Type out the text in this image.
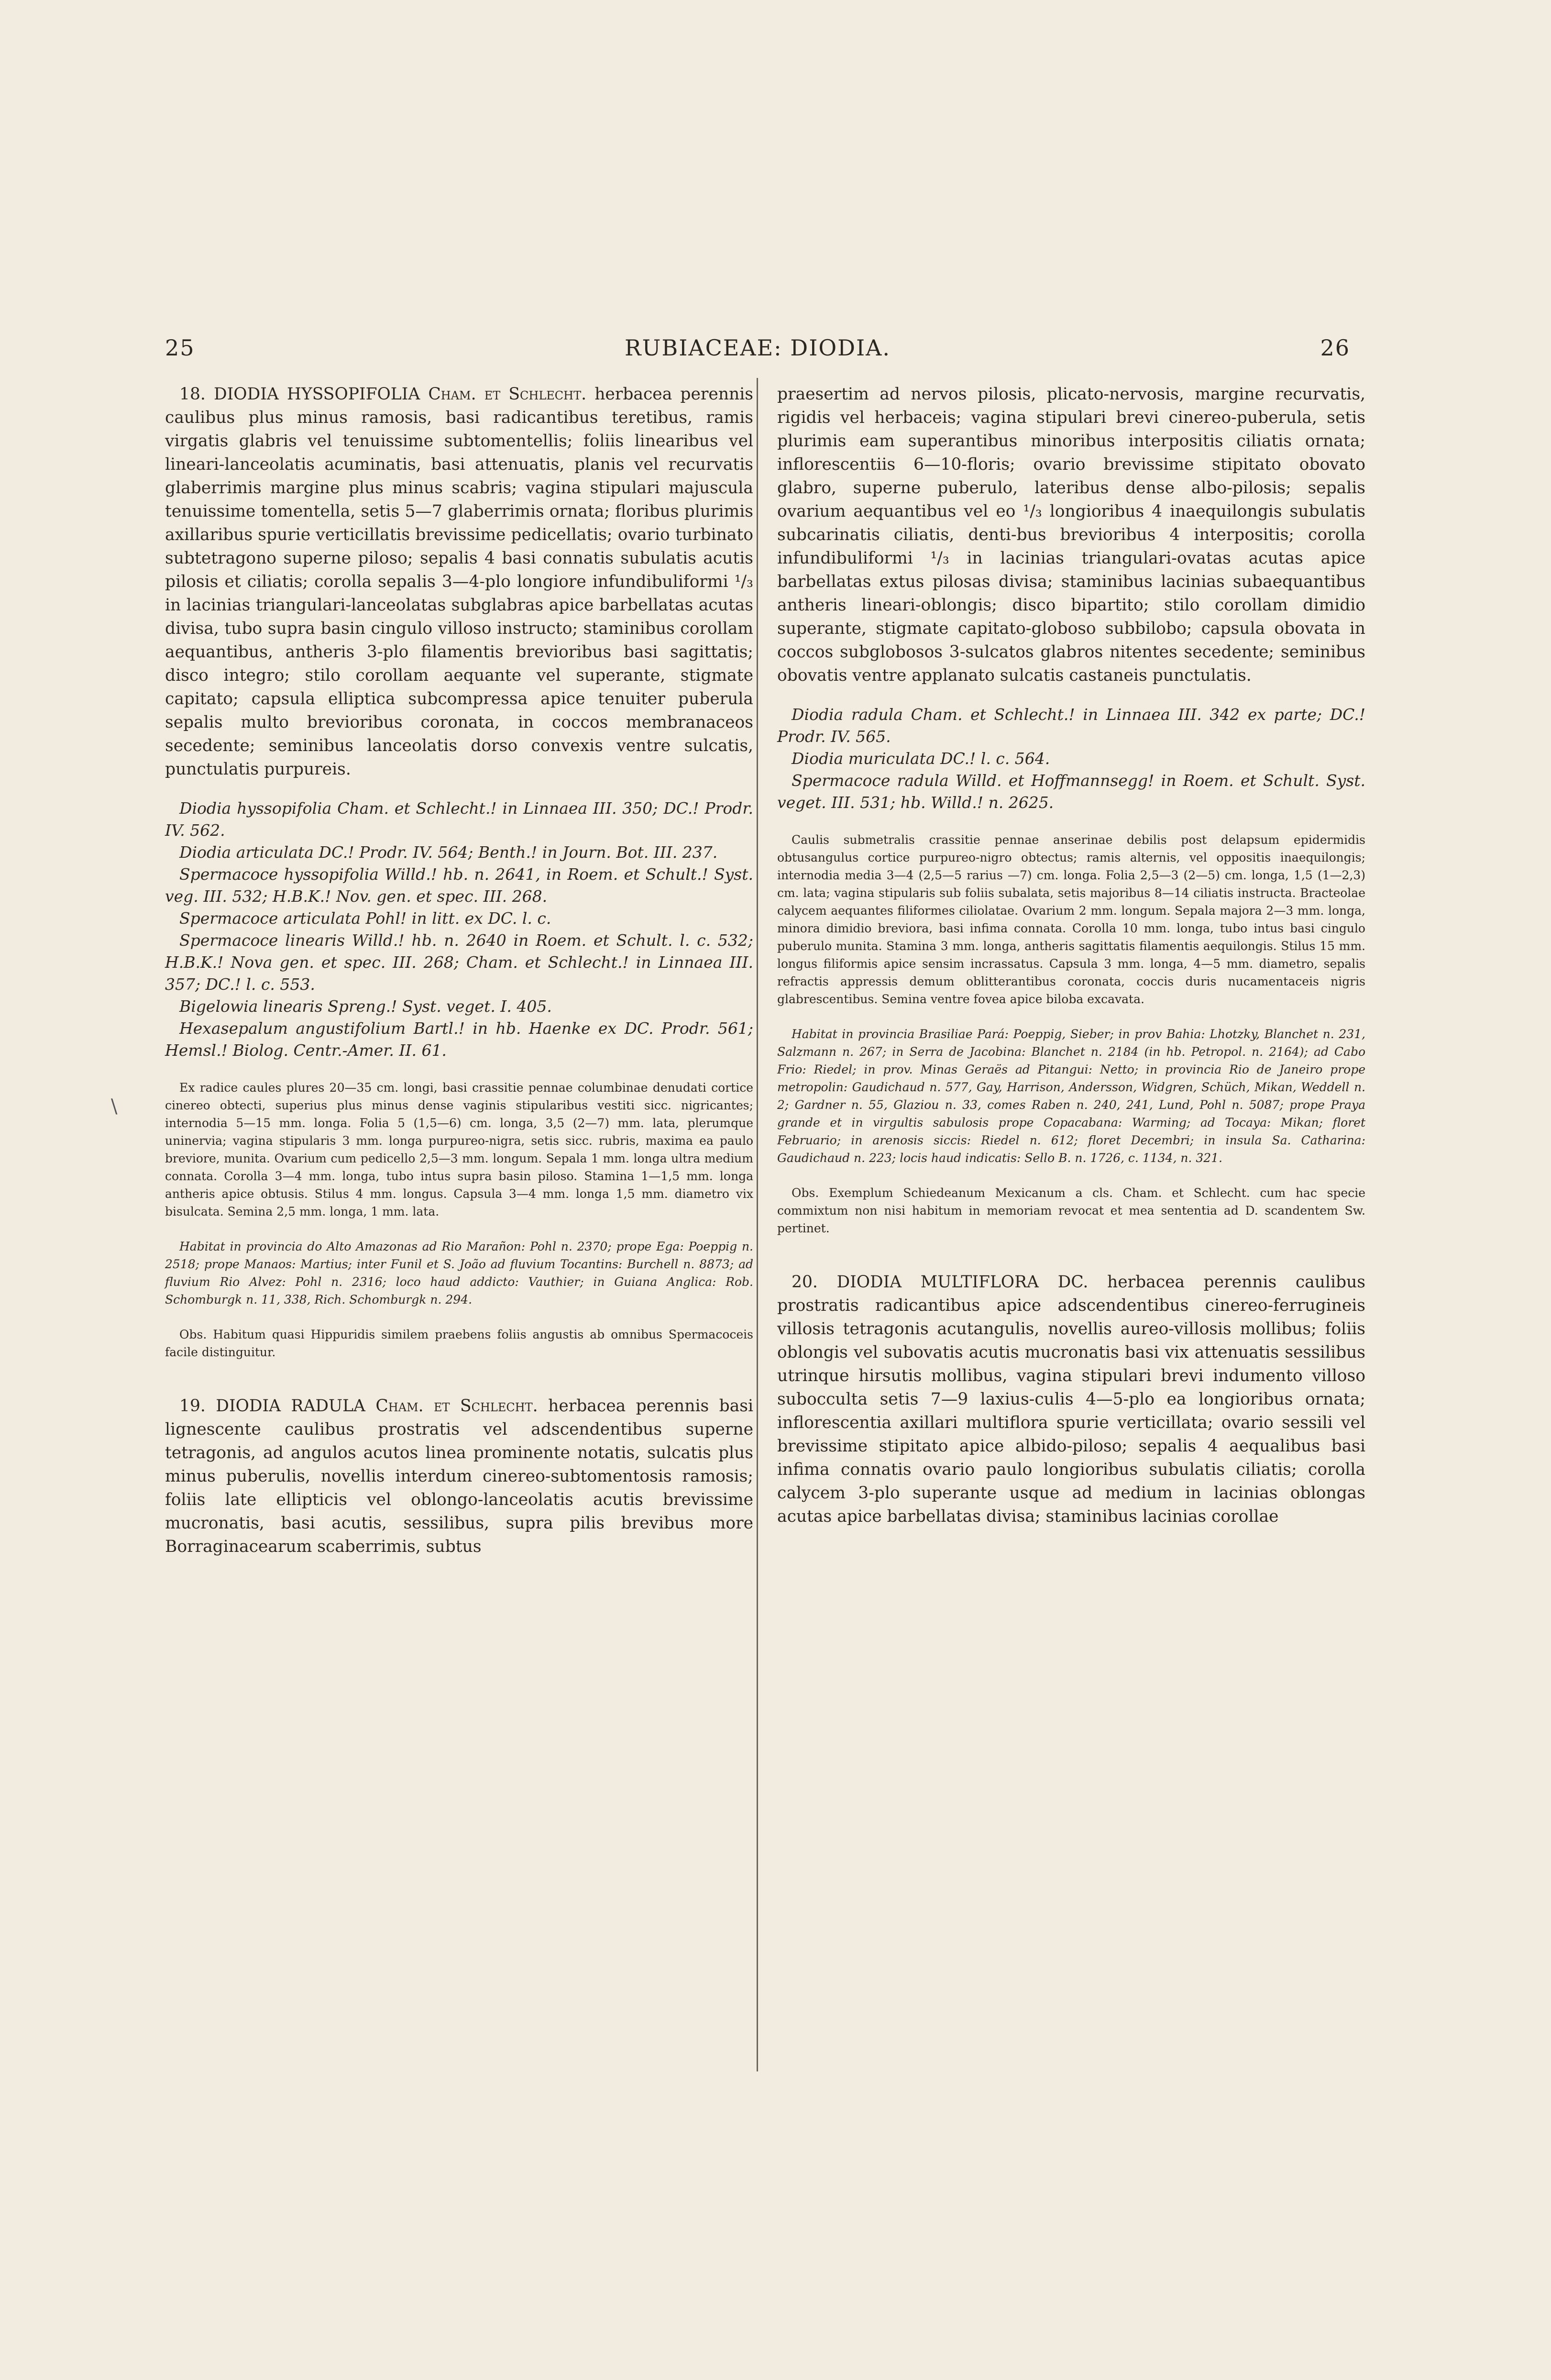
25	RUBIACEAE: DIODIA.	26
\

18. DIODIA HYSSOPIFOLIA Cham. et Schlecht. herbacea perennis caulibus plus minus ramosis, basi radicantibus teretibus, ramis virgatis glabris vel tenuissime subtomentellis; foliis linearibus vel lineari-lanceolatis acuminatis, basi attenuatis, planis vel recurvatis glaberrimis margine plus minus scabris; vagina stipulari majuscula tenuissime tomentella, setis 5—7 glaberrimis ornata; floribus plurimis axillaribus spurie verticillatis brevissime pedicellatis; ovario turbinato subtetragono superne piloso; sepalis 4 basi connatis subulatis acutis pilosis et ciliatis; corolla sepalis 3—4-plo longiore infundibuliformi ¹/₃ in lacinias triangulari-lanceolatas subglabras apice barbellatas acutas divisa, tubo supra basin cingulo villoso instructo; staminibus corollam aequantibus, antheris 3-plo filamentis brevioribus basi sagittatis; disco integro; stilo corollam aequante vel superante, stigmate capitato; capsula elliptica subcompressa apice tenuiter puberula sepalis multo brevioribus coronata, in coccos membranaceos secedente; seminibus lanceolatis dorso convexis ventre sulcatis, punctulatis purpureis.

Diodia hyssopifolia Cham. et Schlecht.! in Linnaea III. 350; DC.! Prodr. IV. 562.

Diodia articulata DC.! Prodr. IV. 564; Benth.! in Journ. Bot. III. 237.

Spermacoce hyssopifolia Willd.! hb. n. 2641, in Roem. et Schult.! Syst. veg. III. 532; H.B.K.! Nov. gen. et spec. III. 268.

Spermacoce articulata Pohl! in litt. ex DC. l. c.

Spermacoce linearis Willd.! hb. n. 2640 in Roem. et Schult. l. c. 532; H.B.K.! Nova gen. et spec. III. 268; Cham. et Schlecht.! in Linnaea III. 357; DC.! l. c. 553.

Bigelowia linearis Spreng.! Syst. veget. I. 405.

Hexasepalum angustifolium Bartl.! in hb. Haenke ex DC. Prodr. 561; Hemsl.! Biolog. Centr.-Amer. II. 61.

Ex radice caules plures 20—35 cm. longi, basi crassitie pennae columbinae denudati cortice cinereo obtecti, superius plus minus dense vaginis stipularibus vestiti sicc. nigricantes; internodia 5—15 mm. longa. Folia 5 (1,5—6) cm. longa, 3,5 (2—7) mm. lata, plerumque uninervia; vagina stipularis 3 mm. longa purpureo-nigra, setis sicc. rubris, maxima ea paulo breviore, munita. Ovarium cum pedicello 2,5—3 mm. longum. Sepala 1 mm. longa ultra medium connata. Corolla 3—4 mm. longa, tubo intus supra basin piloso. Stamina 1—1,5 mm. longa antheris apice obtusis. Stilus 4 mm. longus. Capsula 3—4 mm. longa 1,5 mm. diametro vix bisulcata. Semina 2,5 mm. longa, 1 mm. lata.

Habitat in provincia do Alto Amazonas ad Rio Marañon: Pohl n. 2370; prope Ega: Poeppig n. 2518; prope Manaos: Martius; inter Funil et S. João ad fluvium Tocantins: Burchell n. 8873; ad fluvium Rio Alvez: Pohl n. 2316; loco haud addicto: Vauthier; in Guiana Anglica: Rob. Schomburgk n. 11, 338, Rich. Schomburgk n. 294.

Obs. Habitum quasi Hippuridis similem praebens foliis angustis ab omnibus Spermacoceis facile distinguitur.

19. DIODIA RADULA Cham. et Schlecht. herbacea perennis basi lignescente caulibus prostratis vel adscendentibus superne tetragonis, ad angulos acutos linea prominente notatis, sulcatis plus minus puberulis, novellis interdum cinereo-subtomentosis ramosis; foliis late ellipticis vel oblongo-lanceolatis acutis brevissime mucronatis, basi acutis, sessilibus, supra pilis brevibus more Borraginacearum scaberrimis, subtus

praesertim ad nervos pilosis, plicato-nervosis, margine recurvatis, rigidis vel herbaceis; vagina stipulari brevi cinereo-puberula, setis plurimis eam superantibus minoribus interpositis ciliatis ornata; inflorescentiis 6—10-floris; ovario brevissime stipitato obovato glabro, superne puberulo, lateribus dense albo-pilosis; sepalis ovarium aequantibus vel eo ¹/₃ longioribus 4 inaequilongis subulatis subcarinatis ciliatis, denti-bus brevioribus 4 interpositis; corolla infundibuliformi ¹/₃ in lacinias triangulari-ovatas acutas apice barbellatas extus pilosas divisa; staminibus lacinias subaequantibus antheris lineari-oblongis; disco bipartito; stilo corollam dimidio superante, stigmate capitato-globoso subbilobo; capsula obovata in coccos subglobosos 3-sulcatos glabros nitentes secedente; seminibus obovatis ventre applanato sulcatis castaneis punctulatis.

Diodia radula Cham. et Schlecht.! in Linnaea III. 342 ex parte; DC.! Prodr. IV. 565.

Diodia muriculata DC.! l. c. 564.

Spermacoce radula Willd. et Hoffmannsegg! in Roem. et Schult. Syst. veget. III. 531; hb. Willd.! n. 2625.

Caulis submetralis crassitie pennae anserinae debilis post delapsum epidermidis obtusangulus cortice purpureo-nigro obtectus; ramis alternis, vel oppositis inaequilongis; internodia media 3—4 (2,5—5 rarius —7) cm. longa. Folia 2,5—3 (2—5) cm. longa, 1,5 (1—2,3) cm. lata; vagina stipularis sub foliis subalata, setis majoribus 8—14 ciliatis instructa. Bracteolae calycem aequantes filiformes ciliolatae. Ovarium 2 mm. longum. Sepala majora 2—3 mm. longa, minora dimidio breviora, basi infima connata. Corolla 10 mm. longa, tubo intus basi cingulo puberulo munita. Stamina 3 mm. longa, antheris sagittatis filamentis aequilongis. Stilus 15 mm. longus filiformis apice sensim incrassatus. Capsula 3 mm. longa, 4—5 mm. diametro, sepalis refractis appressis demum oblitterantibus coronata, coccis duris nucamentaceis nigris glabrescentibus. Semina ventre fovea apice biloba excavata.

Habitat in provincia Brasiliae Pará: Poeppig, Sieber; in prov Bahia: Lhotzky, Blanchet n. 231, Salzmann n. 267; in Serra de Jacobina: Blanchet n. 2184 (in hb. Petropol. n. 2164); ad Cabo Frio: Riedel; in prov. Minas Geraës ad Pitangui: Netto; in provincia Rio de Janeiro prope metropolin: Gaudichaud n. 577, Gay, Harrison, Andersson, Widgren, Schüch, Mikan, Weddell n. 2; Gardner n. 55, Glaziou n. 33, comes Raben n. 240, 241, Lund, Pohl n. 5087; prope Praya grande et in virgultis sabulosis prope Copacabana: Warming; ad Tocaya: Mikan; floret Februario; in arenosis siccis: Riedel n. 612; floret Decembri; in insula Sa. Catharina: Gaudichaud n. 223; locis haud indicatis: Sello B. n. 1726, c. 1134, n. 321.

Obs. Exemplum Schiedeanum Mexicanum a cls. Cham. et Schlecht. cum hac specie commixtum non nisi habitum in memoriam revocat et mea sententia ad D. scandentem Sw. pertinet.

20. DIODIA MULTIFLORA DC. herbacea perennis caulibus prostratis radicantibus apice adscendentibus cinereo-ferrugineis villosis tetragonis acutangulis, novellis aureo-villosis mollibus; foliis oblongis vel subovatis acutis mucronatis basi vix attenuatis sessilibus utrinque hirsutis mollibus, vagina stipulari brevi indumento villoso subocculta setis 7—9 laxius-culis 4—5-plo ea longioribus ornata; inflorescentia axillari multiflora spurie verticillata; ovario sessili vel brevissime stipitato apice albido-piloso; sepalis 4 aequalibus basi infima connatis ovario paulo longioribus subulatis ciliatis; corolla calycem 3-plo superante usque ad medium in lacinias oblongas acutas apice barbellatas divisa; staminibus lacinias corollae
